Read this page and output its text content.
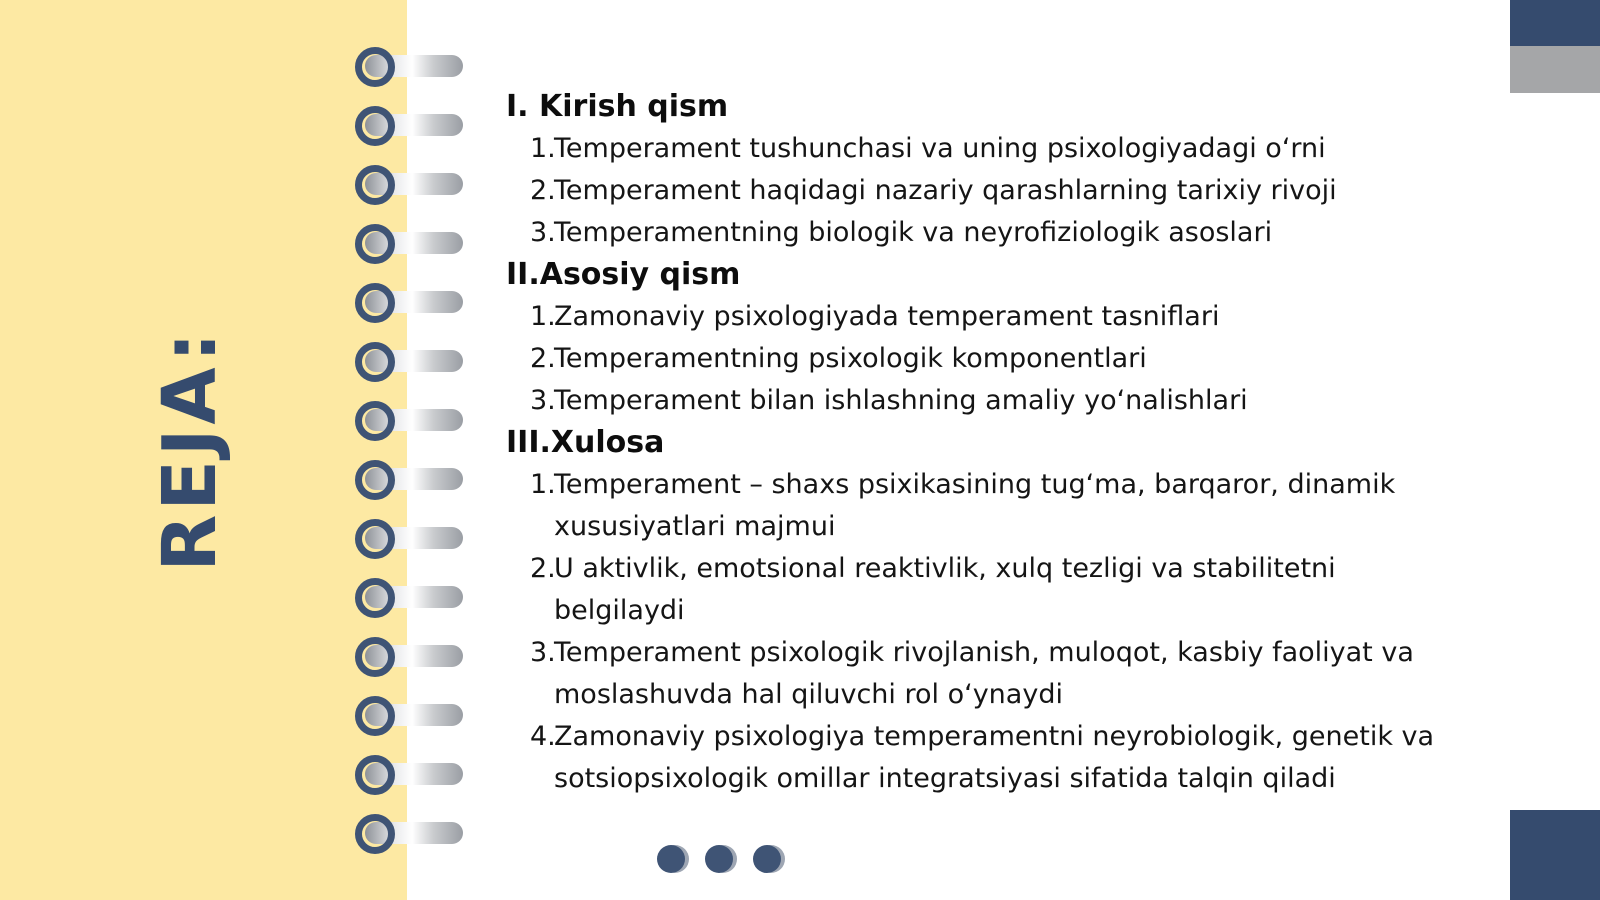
REJA:
I. Kirish qism
1.
Temperament tushunchasi va uning psixologiyadagi o‘rni
2.
Temperament haqidagi nazariy qarashlarning tarixiy rivoji
3.
Temperamentning biologik va neyrofiziologik asoslari
II.Asosiy qism
1.
Zamonaviy psixologiyada temperament tasniflari
2.
Temperamentning psixologik komponentlari
3.
Temperament bilan ishlashning amaliy yo‘nalishlari
III.Xulosa
1.
Temperament – shaxs psixikasining tug‘ma, barqaror, dinamik xususiyatlari majmui
2.
U aktivlik, emotsional reaktivlik, xulq tezligi va stabilitetni belgilaydi
3.
Temperament psixologik rivojlanish, muloqot, kasbiy faoliyat va moslashuvda hal qiluvchi rol o‘ynaydi
4.
Zamonaviy psixologiya temperamentni neyrobiologik, genetik va sotsiopsixologik omillar integratsiyasi sifatida talqin qiladi
